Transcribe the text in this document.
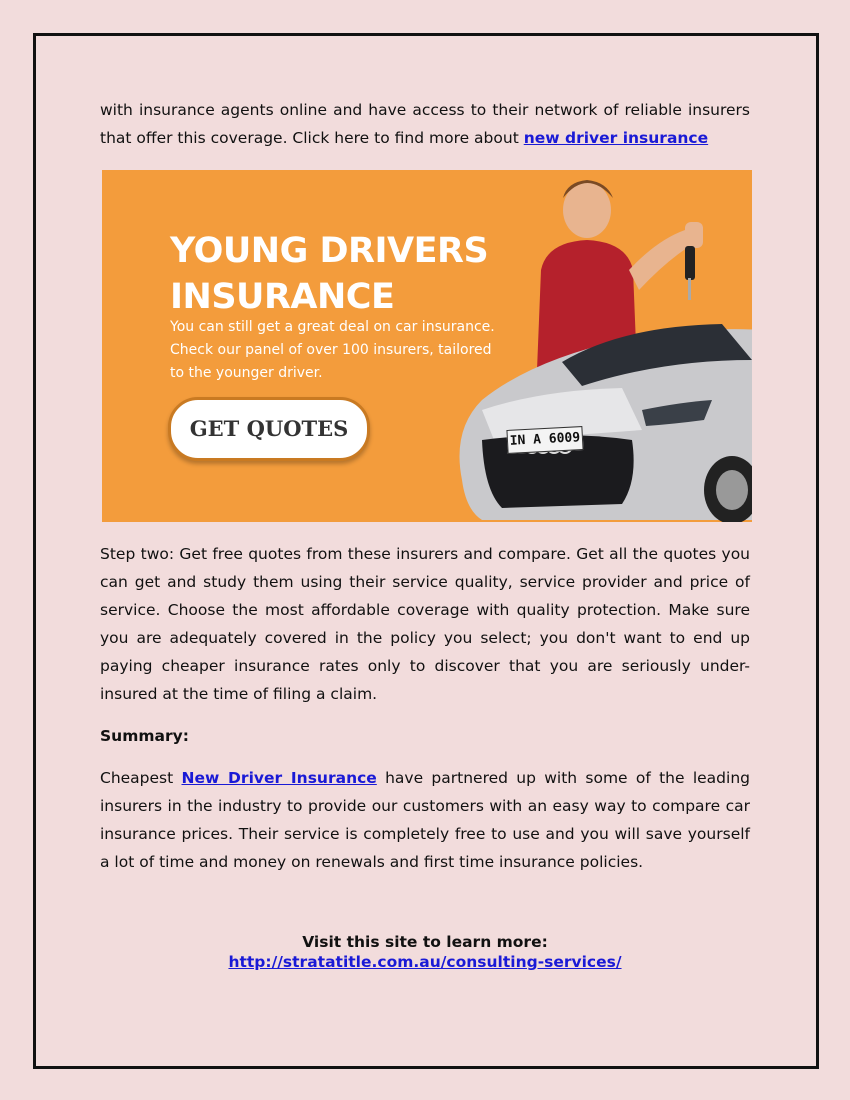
with insurance agents online and have access to their network of reliable insurers that offer this coverage. Click here to find more about new driver insurance

YOUNG DRIVERS
INSURANCE
You can still get a great deal on car insurance. Check our panel of over 100 insurers, tailored to the younger driver.
GET QUOTES	IN A 6009

Step two: Get free quotes from these insurers and compare. Get all the quotes you can get and study them using their service quality, service provider and price of service. Choose the most affordable coverage with quality protection. Make sure you are adequately covered in the policy you select; you don't want to end up paying cheaper insurance rates only to discover that you are seriously under-insured at the time of filing a claim.

Summary:

Cheapest New Driver Insurance have partnered up with some of the leading insurers in the industry to provide our customers with an easy way to compare car insurance prices. Their service is completely free to use and you will save yourself a lot of time and money on renewals and first time insurance policies.

Visit this site to learn more:
http://stratatitle.com.au/consulting-services/
